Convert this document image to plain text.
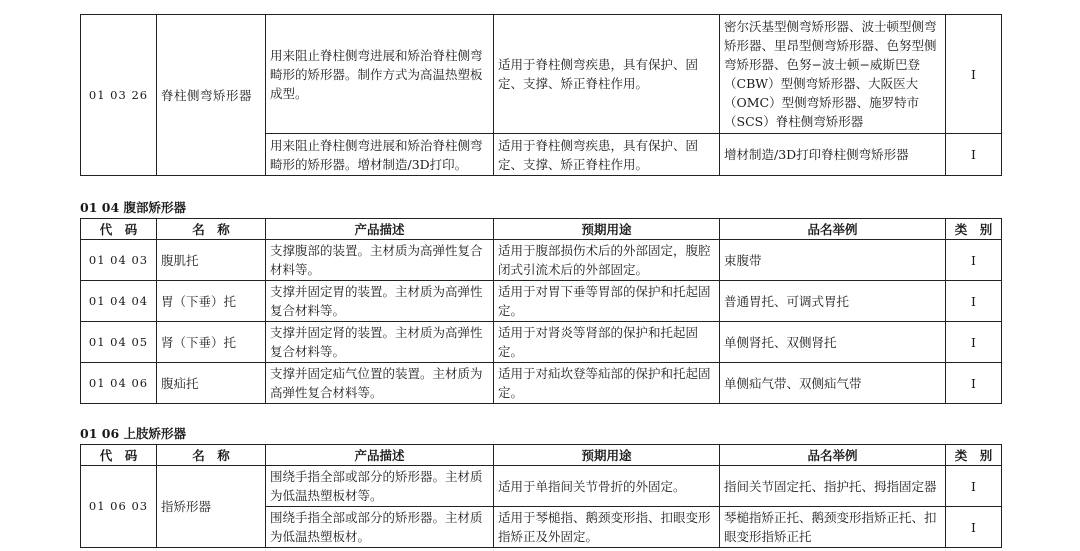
01 03 26	脊柱侧弯矫形器	用来阻止脊柱侧弯进展和矫治脊柱侧弯畸形的矫形器。制作方式为高温热塑板成型。	适用于脊柱侧弯疾患，具有保护、固定、支撑、矫正脊柱作用。	密尔沃基型侧弯矫形器、波士顿型侧弯矫形器、里昂型侧弯矫形器、色努型侧弯矫形器、色努−波士顿−威斯巴登（CBW）型侧弯矫形器、大阪医大（OMC）型侧弯矫形器、施罗特市（SCS）脊柱侧弯矫形器	Ⅰ
		用来阻止脊柱侧弯进展和矫治脊柱侧弯畸形的矫形器。增材制造/3D打印。	适用于脊柱侧弯疾患，具有保护、固定、支撑、矫正脊柱作用。	增材制造/3D打印脊柱侧弯矫形器	Ⅰ
01 04 腹部矫形器
代　码	名　称	产品描述	预期用途	品名举例	类　别
01 04 03	腹肌托	支撑腹部的装置。主材质为高弹性复合材料等。	适用于腹部损伤术后的外部固定，腹腔闭式引流术后的外部固定。	束腹带	Ⅰ
01 04 04	胃（下垂）托	支撑并固定胃的装置。主材质为高弹性复合材料等。	适用于对胃下垂等胃部的保护和托起固定。	普通胃托、可调式胃托	Ⅰ
01 04 05	肾（下垂）托	支撑并固定肾的装置。主材质为高弹性复合材料等。	适用于对肾炎等肾部的保护和托起固定。	单侧肾托、双侧肾托	Ⅰ
01 04 06	腹疝托	支撑并固定疝气位置的装置。主材质为高弹性复合材料等。	适用于对疝坎登等疝部的保护和托起固定。	单侧疝气带、双侧疝气带	Ⅰ
01 06 上肢矫形器
代　码	名　称	产品描述	预期用途	品名举例	类　别
01 06 03	指矫形器	围绕手指全部或部分的矫形器。主材质为低温热塑板材等。	适用于单指间关节骨折的外固定。	指间关节固定托、指护托、拇指固定器	Ⅰ
		围绕手指全部或部分的矫形器。主材质为低温热塑板材。	适用于琴槌指、鹅颈变形指、扣眼变形指矫正及外固定。	琴槌指矫正托、鹅颈变形指矫正托、扣眼变形指矫正托	Ⅰ
